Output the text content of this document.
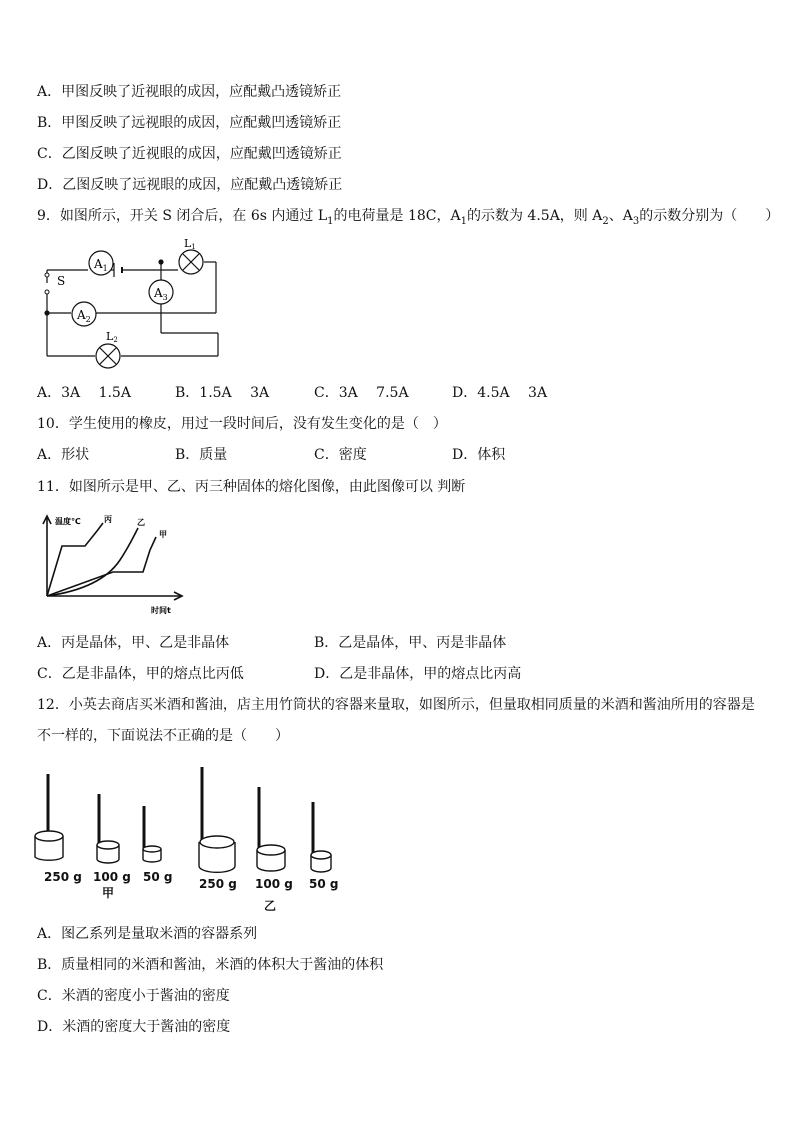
A．甲图反映了近视眼的成因，应配戴凸透镜矫正
B．甲图反映了远视眼的成因，应配戴凹透镜矫正
C．乙图反映了近视眼的成因，应配戴凹透镜矫正
D．乙图反映了远视眼的成因，应配戴凸透镜矫正
9．如图所示，开关 S 闭合后，在 6s 内通过 $L_1$的电荷量是 18C，$A_1$的示数为 4.5A，则 $A_2$、$A_3$的示数分别为（　　）
$A_1$
$A_3$
$A_2$
L1
L2
S
A．3A　 1.5A	B．1.5A　 3A	C．3A　 7.5A	D．4.5A　 3A
10．学生使用的橡皮，用过一段时间后，没有发生变化的是（　）
A．形状	B．质量	C．密度	D．体积
11．如图所示是甲、乙、丙三种固体的熔化图像，由此图像可以 判断
温度℃
时间t
丙	乙
甲
A．丙是晶体，甲、乙是非晶体	B．乙是晶体，甲、丙是非晶体
C．乙是非晶体，甲的熔点比丙低	D．乙是非晶体，甲的熔点比丙高
12．小英去商店买米酒和酱油，店主用竹筒状的容器来量取，如图所示，但量取相同质量的米酒和酱油所用的容器是
不一样的，下面说法不正确的是（　　）
250 g 100 g 50 g
甲
250 g 100 g 50 g
乙
A．图乙系列是量取米酒的容器系列
B．质量相同的米酒和酱油，米酒的体积大于酱油的体积
C．米酒的密度小于酱油的密度
D．米酒的密度大于酱油的密度
